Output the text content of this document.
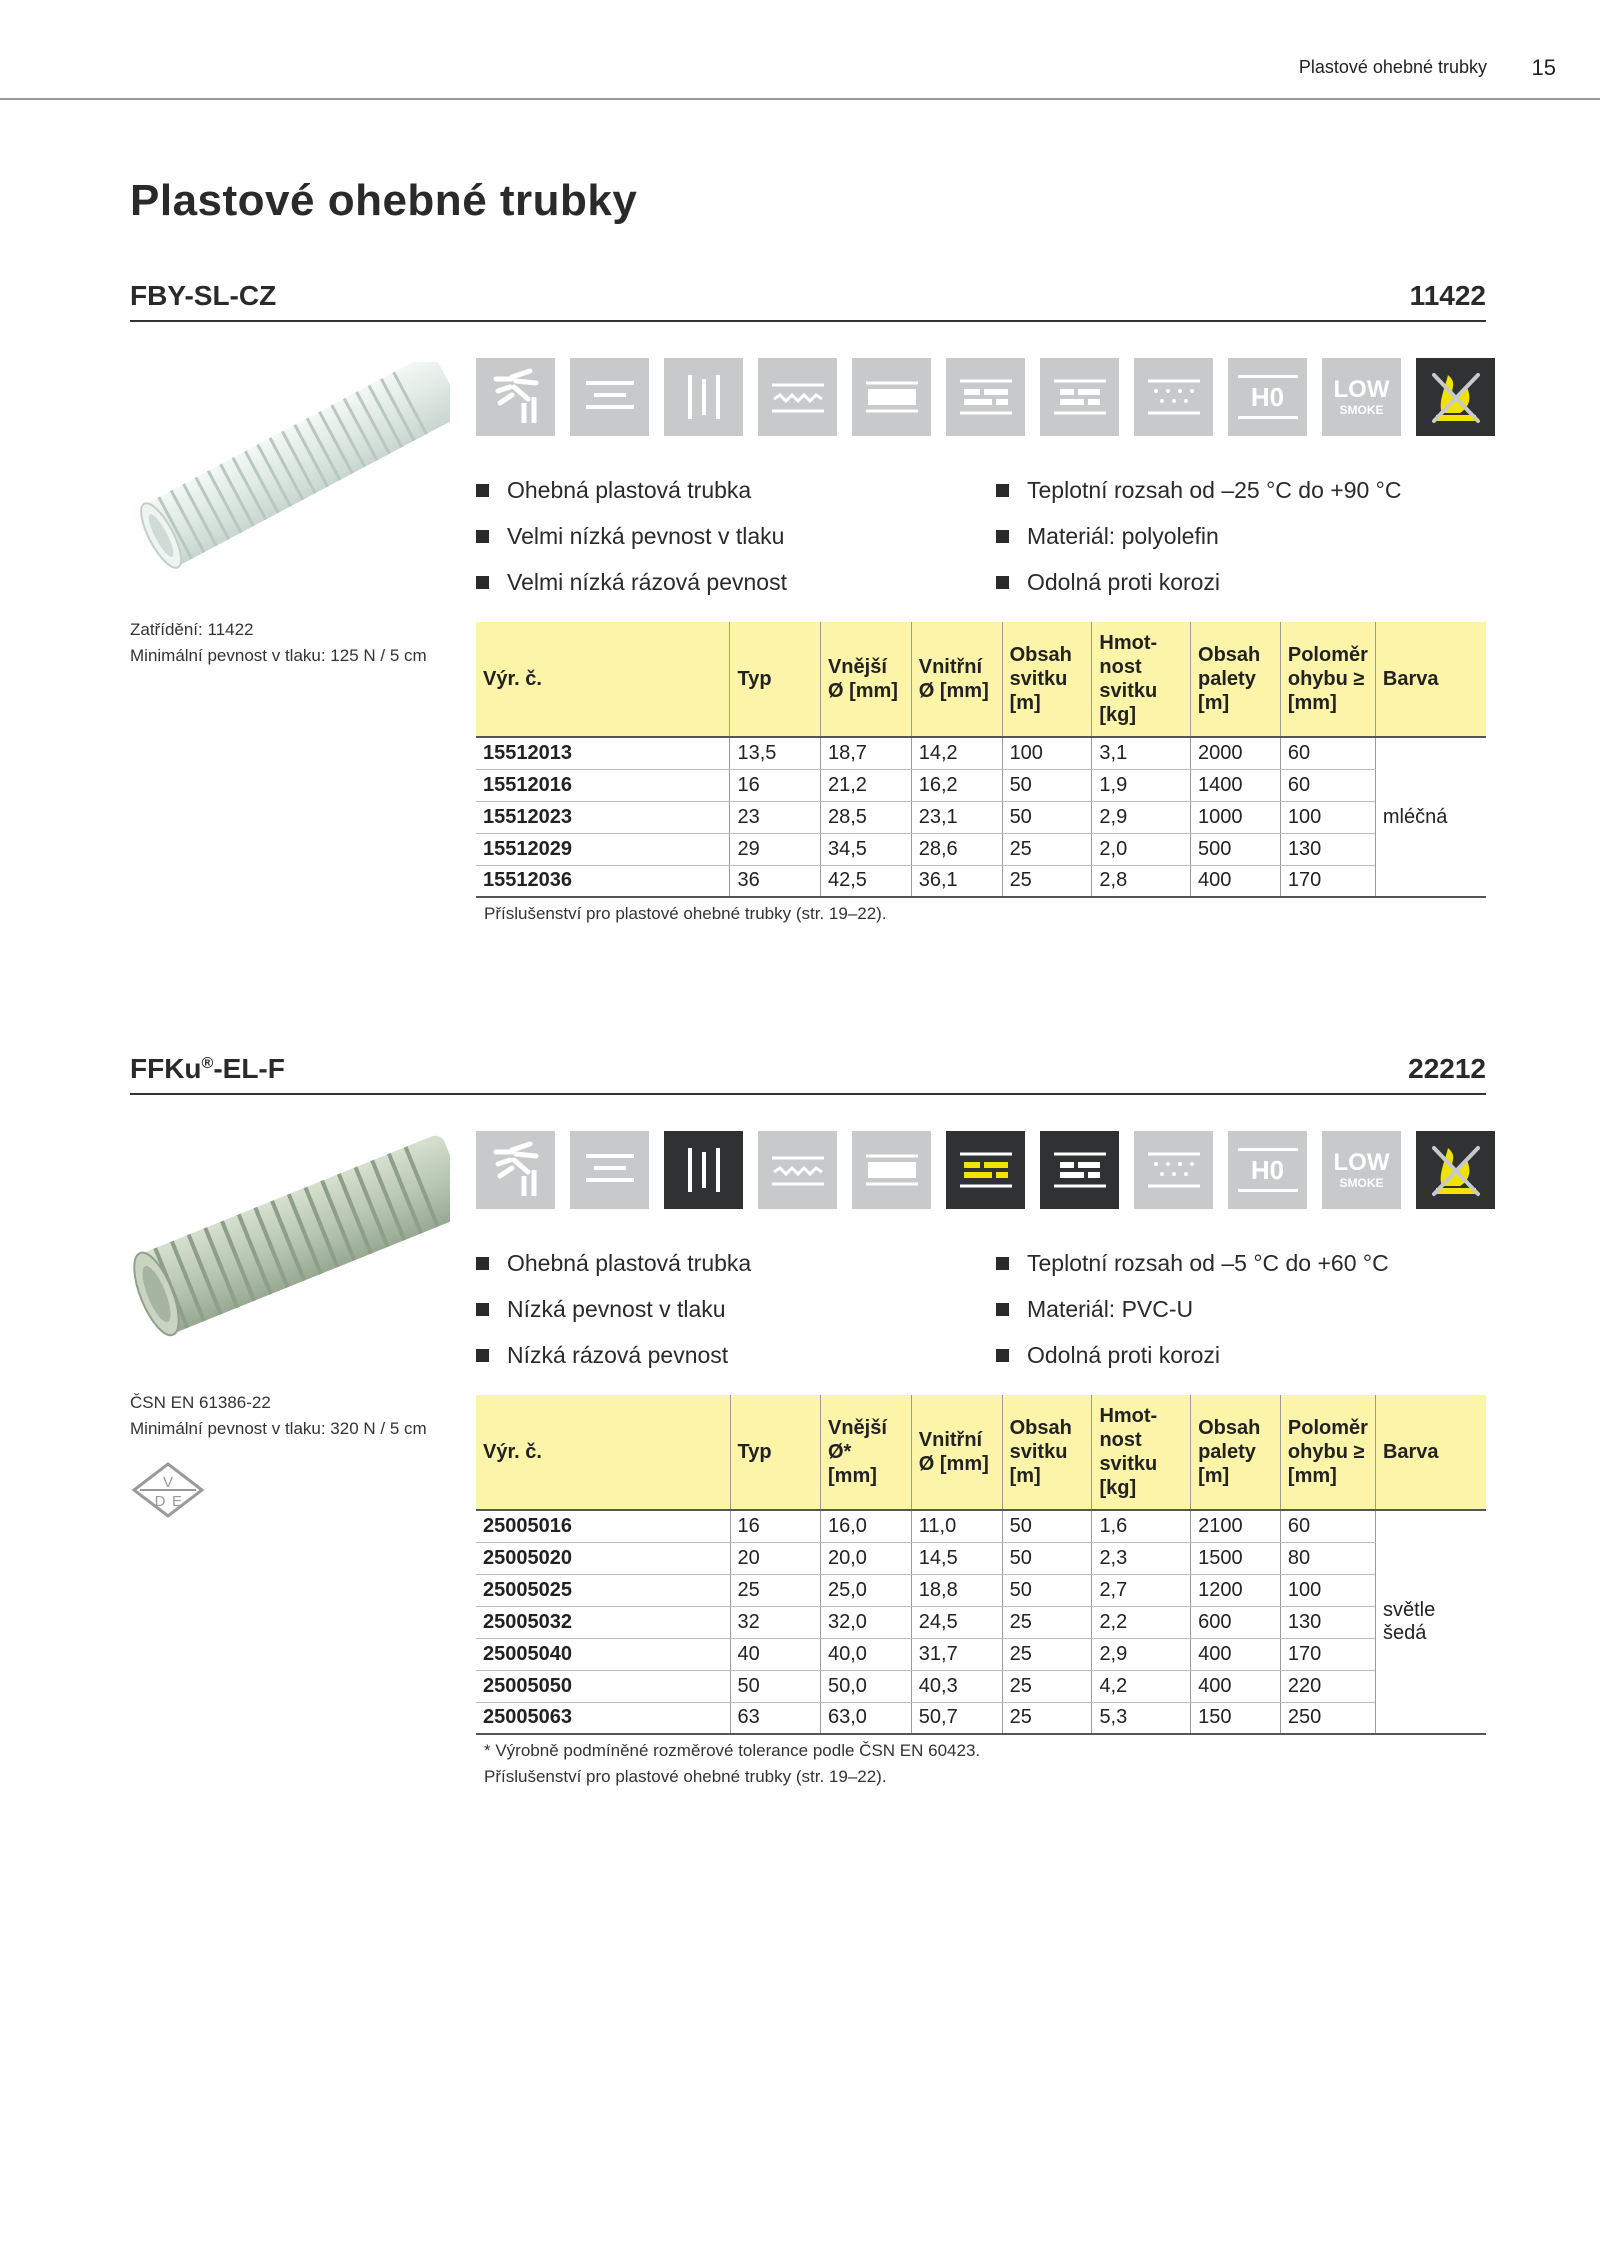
Plastové ohebné trubky 15
Plastové ohebné trubky
FBY-SL-CZ	11422
H0	LOW
SMOKE
Zatřídění: 11422
Minimální pevnost v tlaku: 125 N / 5 cm
Ohebná plastová trubka	Teplotní rozsah od –25 °C do +90 °C
Velmi nízká pevnost v tlaku	Materiál: polyolefin
Velmi nízká rázová pevnost	Odolná proti korozi
Výr. č.	Typ	Vnější Ø [mm]	Vnitřní Ø [mm]	Obsah svitku [m]	Hmot-nost svitku [kg]	Obsah palety [m]	Poloměr ohybu ≥ [mm]	Barva
15512013	13,5	18,7	14,2	100	3,1	2000	60	mléčná
15512016	16	21,2	16,2	50	1,9	1400	60	
15512023	23	28,5	23,1	50	2,9	1000	100	
15512029	29	34,5	28,6	25	2,0	500	130	
15512036	36	42,5	36,1	25	2,8	400	170	
Příslušenství pro plastové ohebné trubky (str. 19–22).
FFKu®-EL-F	22212
H0	LOW
SMOKE
ČSN EN 61386-22
Minimální pevnost v tlaku: 320 N / 5 cm
V
D E
Ohebná plastová trubka	Teplotní rozsah od –5 °C do +60 °C
Nízká pevnost v tlaku	Materiál: PVC-U
Nízká rázová pevnost	Odolná proti korozi
Výr. č.	Typ	Vnější Ø* [mm]	Vnitřní Ø [mm]	Obsah svitku [m]	Hmot-nost svitku [kg]	Obsah palety [m]	Poloměr ohybu ≥ [mm]	Barva
25005016	16	16,0	11,0	50	1,6	2100	60	světle šedá
25005020	20	20,0	14,5	50	2,3	1500	80	
25005025	25	25,0	18,8	50	2,7	1200	100	
25005032	32	32,0	24,5	25	2,2	600	130	
25005040	40	40,0	31,7	25	2,9	400	170	
25005050	50	50,0	40,3	25	4,2	400	220	
25005063	63	63,0	50,7	25	5,3	150	250	
* Výrobně podmíněné rozměrové tolerance podle ČSN EN 60423.
Příslušenství pro plastové ohebné trubky (str. 19–22).
